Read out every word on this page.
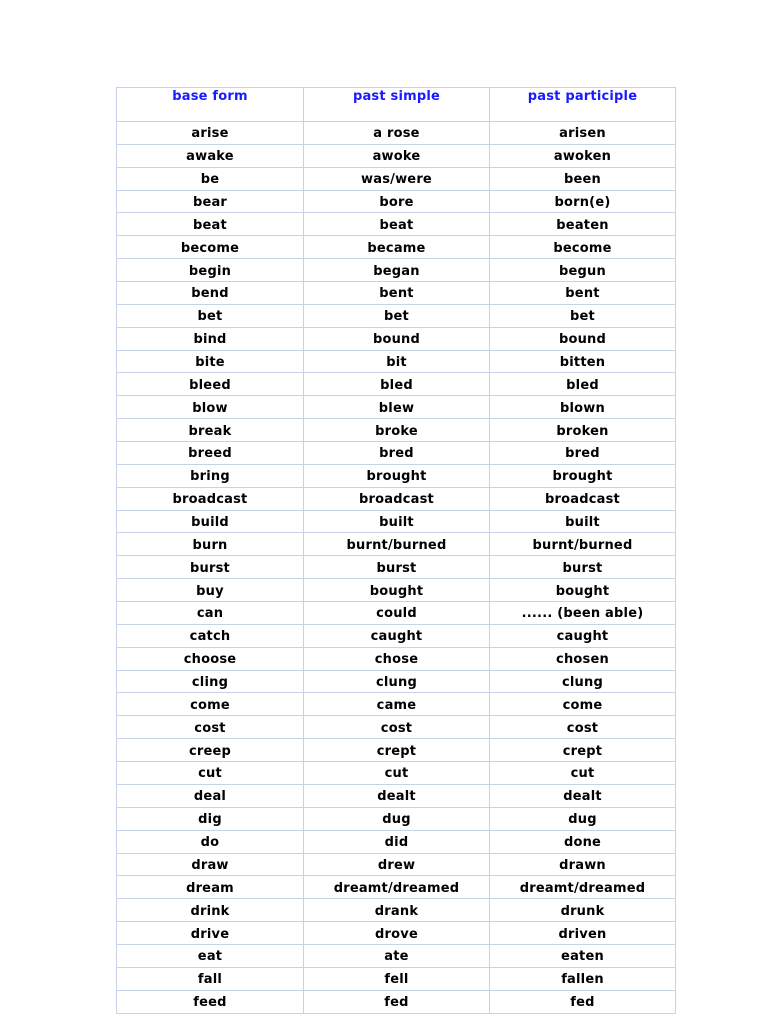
base form	past simple	past participle
arise	a rose	arisen
awake	awoke	awoken
be	was/were	been
bear	bore	born(e)
beat	beat	beaten
become	became	become
begin	began	begun
bend	bent	bent
bet	bet	bet
bind	bound	bound
bite	bit	bitten
bleed	bled	bled
blow	blew	blown
break	broke	broken
breed	bred	bred
bring	brought	brought
broadcast	broadcast	broadcast
build	built	built
burn	burnt/burned	burnt/burned
burst	burst	burst
buy	bought	bought
can	could	...... (been able)
catch	caught	caught
choose	chose	chosen
cling	clung	clung
come	came	come
cost	cost	cost
creep	crept	crept
cut	cut	cut
deal	dealt	dealt
dig	dug	dug
do	did	done
draw	drew	drawn
dream	dreamt/dreamed	dreamt/dreamed
drink	drank	drunk
drive	drove	driven
eat	ate	eaten
fall	fell	fallen
feed	fed	fed
